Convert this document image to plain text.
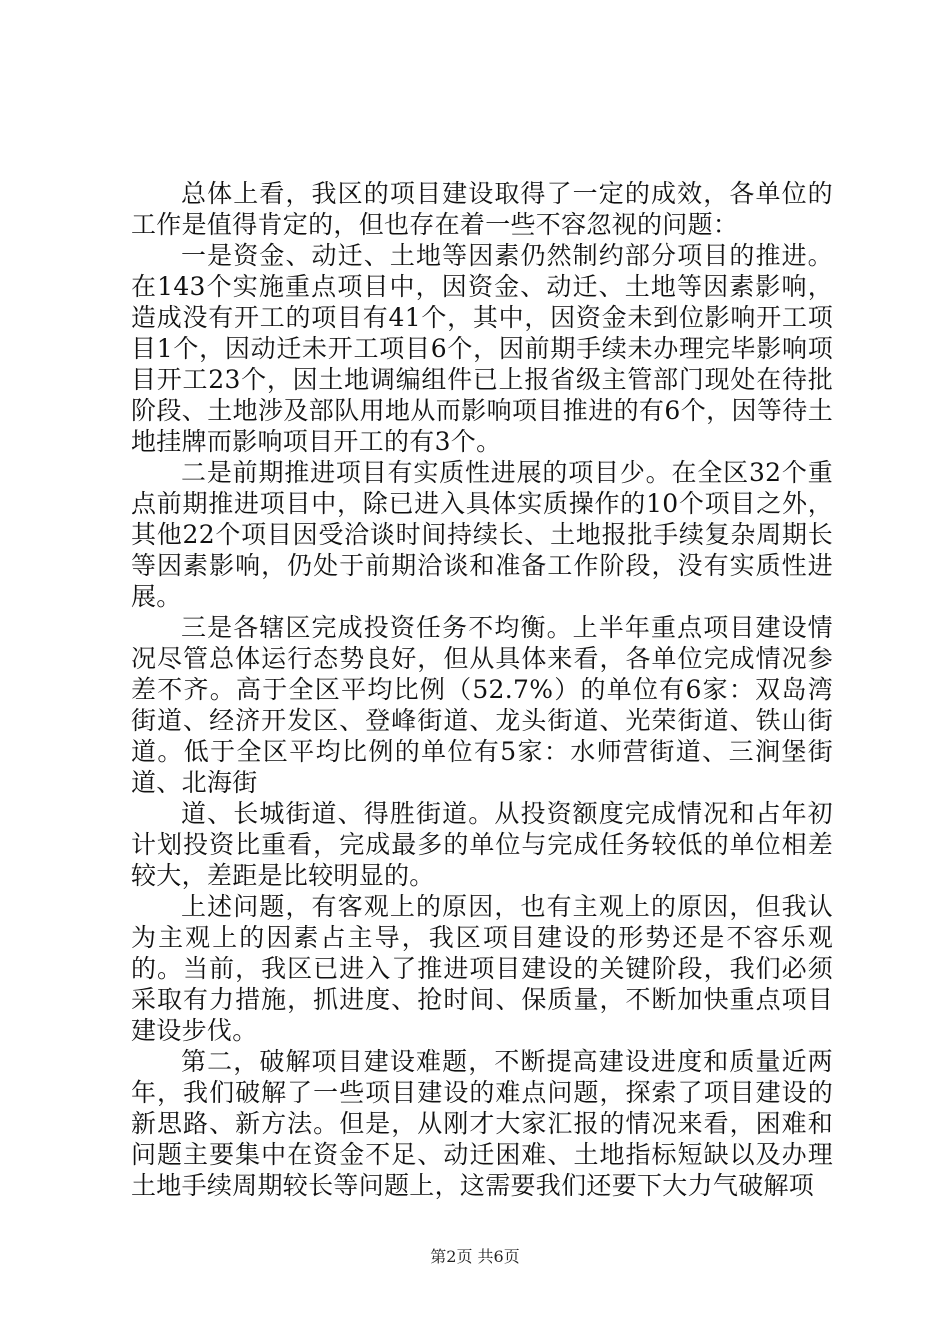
总体上看，我区的项目建设取得了一定的成效，各单位的工作是值得肯定的，但也存在着一些不容忽视的问题：

一是资金、动迁、土地等因素仍然制约部分项目的推进。在143个实施重点项目中，因资金、动迁、土地等因素影响，造成没有开工的项目有41个，其中，因资金未到位影响开工项目1个，因动迁未开工项目6个，因前期手续未办理完毕影响项目开工23个，因土地调编组件已上报省级主管部门现处在待批阶段、土地涉及部队用地从而影响项目推进的有6个，因等待土地挂牌而影响项目开工的有3个。

二是前期推进项目有实质性进展的项目少。在全区32个重点前期推进项目中，除已进入具体实质操作的10个项目之外，其他22个项目因受洽谈时间持续长、土地报批手续复杂周期长等因素影响，仍处于前期洽谈和准备工作阶段，没有实质性进展。

三是各辖区完成投资任务不均衡。上半年重点项目建设情况尽管总体运行态势良好，但从具体来看，各单位完成情况参差不齐。高于全区平均比例（52.7%）的单位有6家：双岛湾街道、经济开发区、登峰街道、龙头街道、光荣街道、铁山街道。低于全区平均比例的单位有5家：水师营街道、三涧堡街道、北海街

道、长城街道、得胜街道。从投资额度完成情况和占年初计划投资比重看，完成最多的单位与完成任务较低的单位相差较大，差距是比较明显的。

上述问题，有客观上的原因，也有主观上的原因，但我认为主观上的因素占主导，我区项目建设的形势还是不容乐观的。当前，我区已进入了推进项目建设的关键阶段，我们必须采取有力措施，抓进度、抢时间、保质量，不断加快重点项目建设步伐。

第二，破解项目建设难题，不断提高建设进度和质量近两年，我们破解了一些项目建设的难点问题，探索了项目建设的新思路、新方法。但是，从刚才大家汇报的情况来看，困难和问题主要集中在资金不足、动迁困难、土地指标短缺以及办理土地手续周期较长等问题上，这需要我们还要下大力气破解项

第2页 共6页
